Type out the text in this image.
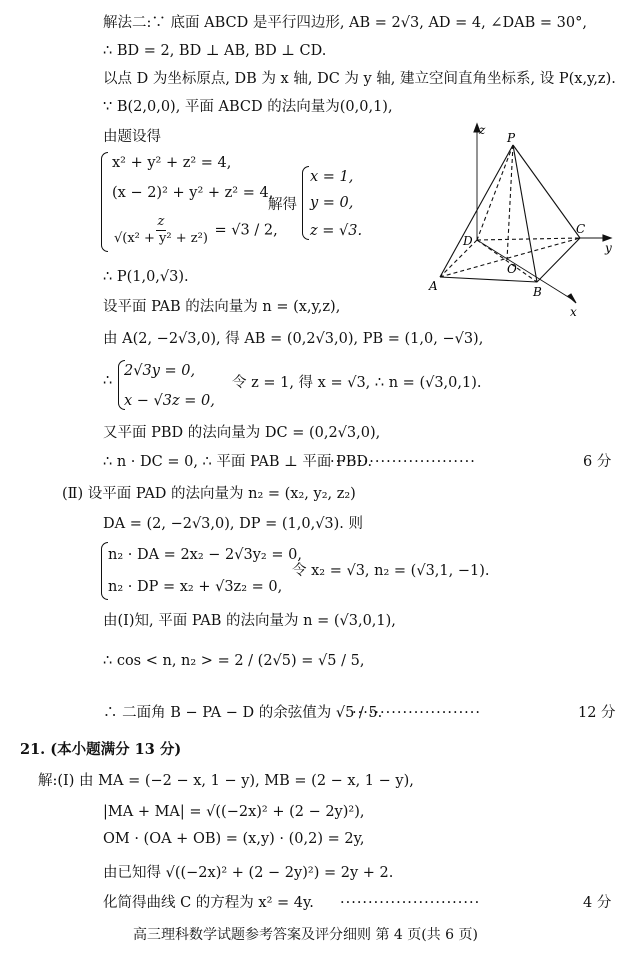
解法二:∵ 底面 ABCD 是平行四边形, AB = 2√3, AD = 4, ∠DAB = 30°,
∴ BD = 2, BD ⊥ AB, BD ⊥ CD.
以点 D 为坐标原点, DB 为 x 轴, DC 为 y 轴, 建立空间直角坐标系, 设 P(x,y,z).
∵ B(2,0,0), 平面 ABCD 的法向量为(0,0,1),
由题设得
x² + y² + z² = 4,
(x − 2)² + y² + z² = 4,
$\frac{z}{\text{√(x² + y² + z²)}} = √3 / 2$,
解得
x = 1,
y = 0,
z = √3.
z
P
D
C
y
O
A	B
x
∴ P(1,0,√3).
设平面 PAB 的法向量为 n = (x,y,z),
由 A(2, −2√3,0), 得 AB = (0,2√3,0), PB = (1,0, −√3),
∴
2√3y = 0,
x − √3z = 0,
令 z = 1, 得 x = √3, ∴ n = (√3,0,1).
又平面 PBD 的法向量为 DC = (0,2√3,0),
∴ n · DC = 0, ∴ 平面 PAB ⊥ 平面 PBD.
··························	6 分
(Ⅱ) 设平面 PAD 的法向量为 n₂ = (x₂, y₂, z₂)
DA = (2, −2√3,0), DP = (1,0,√3). 则
n₂ · DA = 2x₂ − 2√3y₂ = 0,
n₂ · DP = x₂ + √3z₂ = 0,
令 x₂ = √3, n₂ = (√3,1, −1).
由(Ⅰ)知, 平面 PAB 的法向量为 n = (√3,0,1),
∴ cos < n, n₂ > = 2 / (2√5) = √5 / 5,
∴ 二面角 B − PA − D 的余弦值为 √5 / 5.
·······················	12 分
21. (本小题满分 13 分)
解:(Ⅰ) 由 MA = (−2 − x, 1 − y), MB = (2 − x, 1 − y),
|MA + MA| = √((−2x)² + (2 − 2y)²),
OM · (OA + OB) = (x,y) · (0,2) = 2y,
由已知得 √((−2x)² + (2 − 2y)²) = 2y + 2.
化简得曲线 C 的方程为 x² = 4y. ·························	4 分
高三理科数学试题参考答案及评分细则 第 4 页(共 6 页)
